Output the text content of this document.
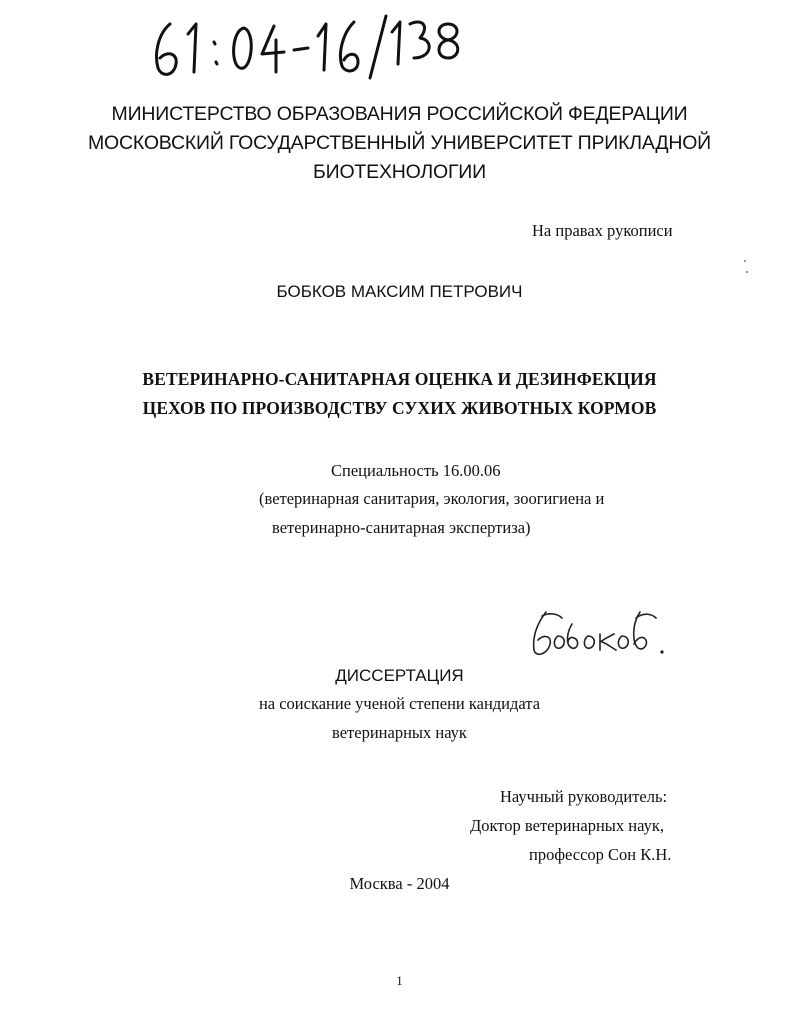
МИНИСТЕРСТВО ОБРАЗОВАНИЯ РОССИЙСКОЙ ФЕДЕРАЦИИ
МОСКОВСКИЙ ГОСУДАРСТВЕННЫЙ УНИВЕРСИТЕТ ПРИКЛАДНОЙ
БИОТЕХНОЛОГИИ
На правах рукописи
БОБКОВ МАКСИМ ПЕТРОВИЧ
ВЕТЕРИНАРНО-САНИТАРНАЯ ОЦЕНКА И ДЕЗИНФЕКЦИЯ
ЦЕХОВ ПО ПРОИЗВОДСТВУ СУХИХ ЖИВОТНЫХ КОРМОВ
Специальность 16.00.06
(ветеринарная санитария, экология, зоогигиена и
ветеринарно-санитарная экспертиза)
ДИССЕРТАЦИЯ
на соискание ученой степени кандидата
ветеринарных наук
Научный руководитель:
Доктор ветеринарных наук,
профессор Сон К.Н.
Москва - 2004
1
